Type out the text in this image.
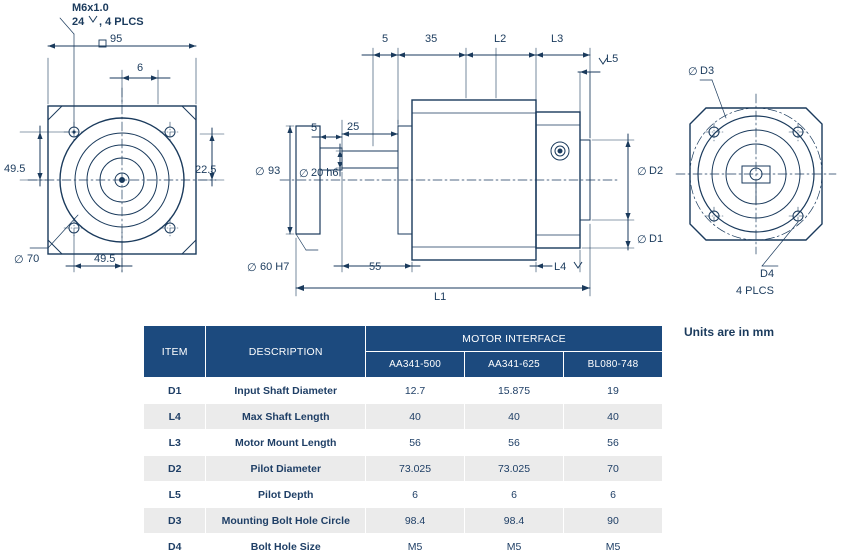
M6x1.0
24 , 4 PLCS
95
6
49.5	22.5
∅ 70	49.5
5	35	L2	L3
L5
5	25
∅ 93 ∅ 20 h6	∅ D2
∅ D1
∅ 60 H7	55	L4
L1
∅ D3
D4
4 PLCS
Units are in mm
ITEM	DESCRIPTION	MOTOR INTERFACE		
		AA341-500	AA341-625	BL080-748
D1	Input Shaft Diameter	12.7	15.875	19
L4	Max Shaft Length	40	40	40
L3	Motor Mount Length	56	56	56
D2	Pilot Diameter	73.025	73.025	70
L5	Pilot Depth	6	6	6
D3	Mounting Bolt Hole Circle	98.4	98.4	90
D4	Bolt Hole Size	M5	M5	M5
